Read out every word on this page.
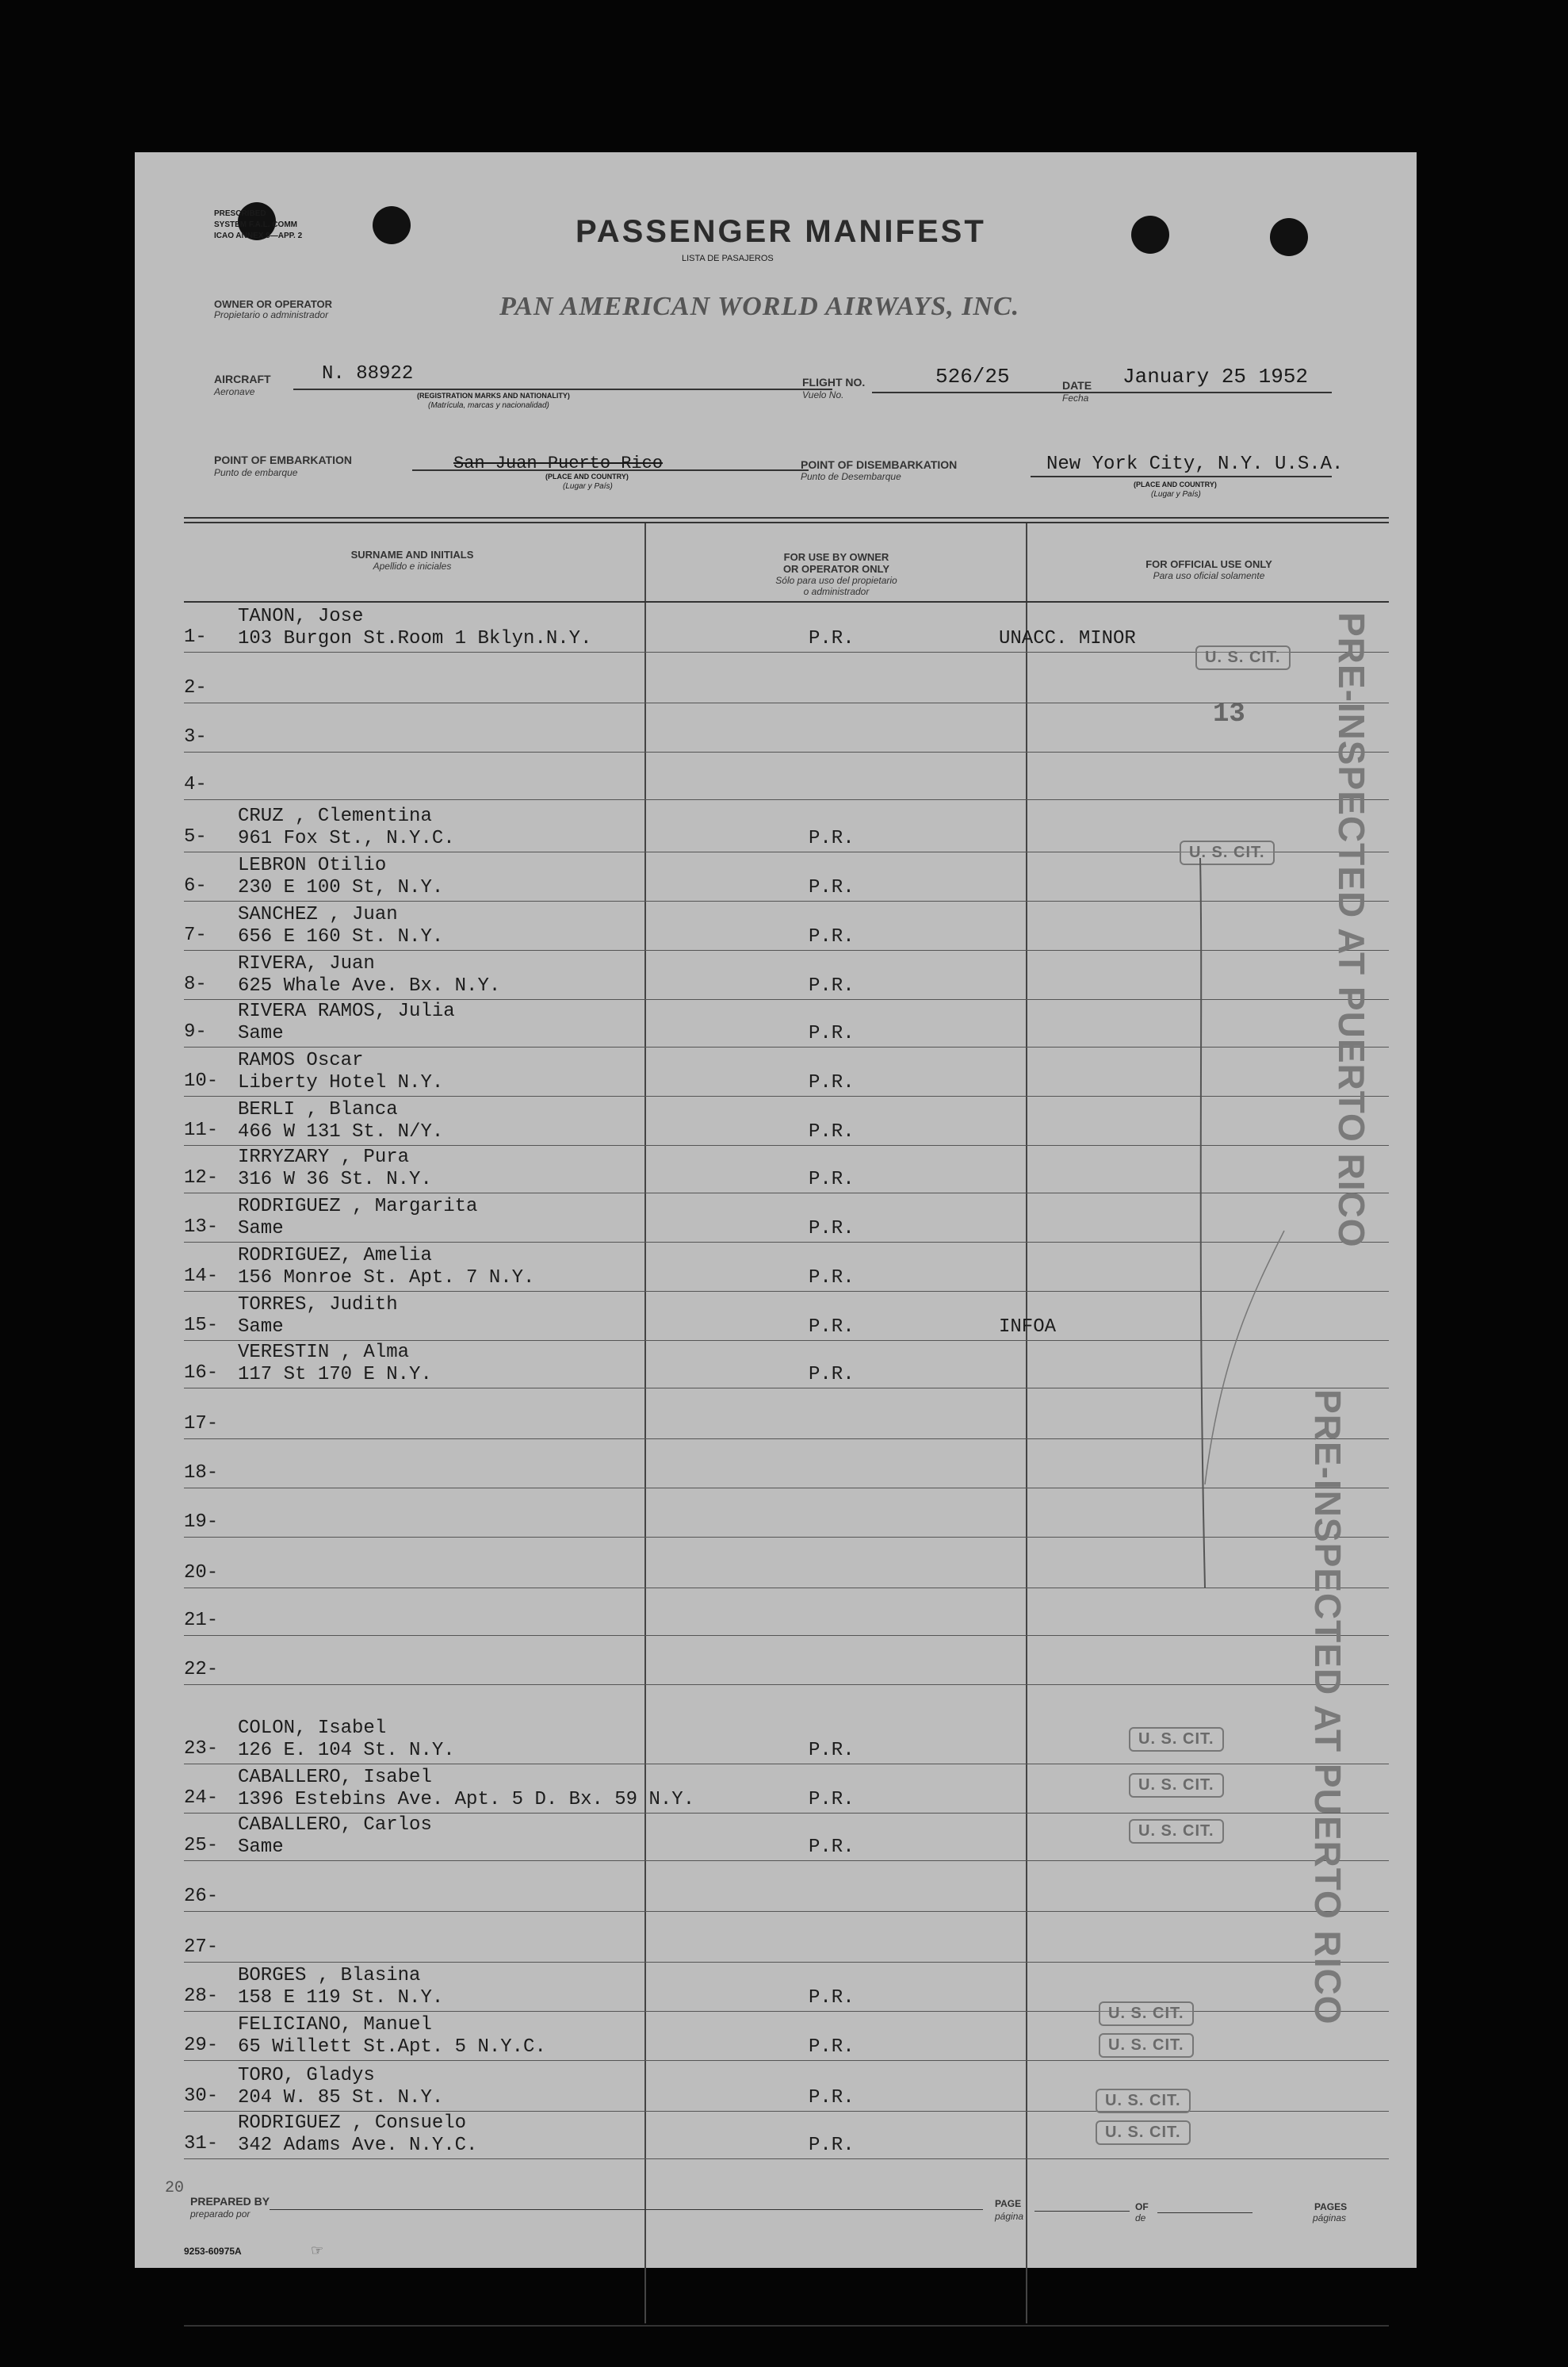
PRESCRIBED
SYSTEM F.A.L. COMM
ICAO ANNEX 9—APP. 2	PASSENGER MANIFEST
LISTA DE PASAJEROS
OWNER OR OPERATOR
Propietario o administrador	PAN AMERICAN WORLD AIRWAYS, INC.
AIRCRAFT
Aeronave
N. 88922
(REGISTRATION MARKS AND NATIONALITY)
(Matrícula, marcas y nacionalidad)
FLIGHT NO.
Vuelo No.
526/25	DATE
Fecha
January 25 1952
POINT OF EMBARKATION
Punto de embarque	San Juan Puerto Rico
(PLACE AND COUNTRY)
(Lugar y País)
POINT OF DISEMBARKATION
Punto de Desembarque
New York City, N.Y. U.S.A.
(PLACE AND COUNTRY)
(Lugar y País)
SURNAME AND INITIALS
Apellido e iniciales

FOR USE BY OWNER
OR OPERATOR ONLY

Sólo para uso del propietario
o administrador

FOR OFFICIAL USE ONLY
Para uso oficial solamente
1-
TANON, Jose
103 Burgon St.Room 1 Bklyn.N.Y.	P.R.	UNACC. MINOR
2-
3-
4-
5-
CRUZ , Clementina
961 Fox St., N.Y.C.	P.R.
6-
LEBRON Otilio
230 E 100 St, N.Y.	P.R.
7-
SANCHEZ , Juan
656 E 160 St. N.Y.	P.R.
8-
RIVERA, Juan
625 Whale Ave. Bx. N.Y.	P.R.
9-
RIVERA RAMOS, Julia
Same	P.R.
10-
RAMOS Oscar
Liberty Hotel N.Y.	P.R.
11-
BERLI , Blanca
466 W 131 St. N/Y.	P.R.
12-
IRRYZARY , Pura
316 W 36 St. N.Y.	P.R.
13-
RODRIGUEZ , Margarita
Same	P.R.
14-
RODRIGUEZ, Amelia
156 Monroe St. Apt. 7 N.Y.	P.R.
15-
TORRES, Judith
Same	P.R.	INFOA
16-
VERESTIN , Alma
117 St 170 E N.Y.	P.R.
17-
18-
19-
20-
21-
22-
23-
COLON, Isabel
126 E. 104 St. N.Y.	P.R.
24-
CABALLERO, Isabel
1396 Estebins Ave. Apt. 5 D. Bx. 59 N.Y.	P.R.
25-
CABALLERO, Carlos
Same	P.R.
26-
27-
28-
BORGES , Blasina
158 E 119 St. N.Y.	P.R.
29-
FELICIANO, Manuel
65 Willett St.Apt. 5 N.Y.C.	P.R.
30-
TORO, Gladys
204 W. 85 St. N.Y.	P.R.
31-
RODRIGUEZ , Consuelo
342 Adams Ave. N.Y.C.	P.R.
U. S. CIT.
13
U. S. CIT.
U. S. CIT.
U. S. CIT.
U. S. CIT.
U. S. CIT.
U. S. CIT.
U. S. CIT.
U. S. CIT.
PRE-INSPECTED AT PUERTO RICO
PRE-INSPECTED AT PUERTO RICO
20
PREPARED BY
preparado por
PAGE
página
OF
de
PAGES
páginas
9253-60975A	☞
